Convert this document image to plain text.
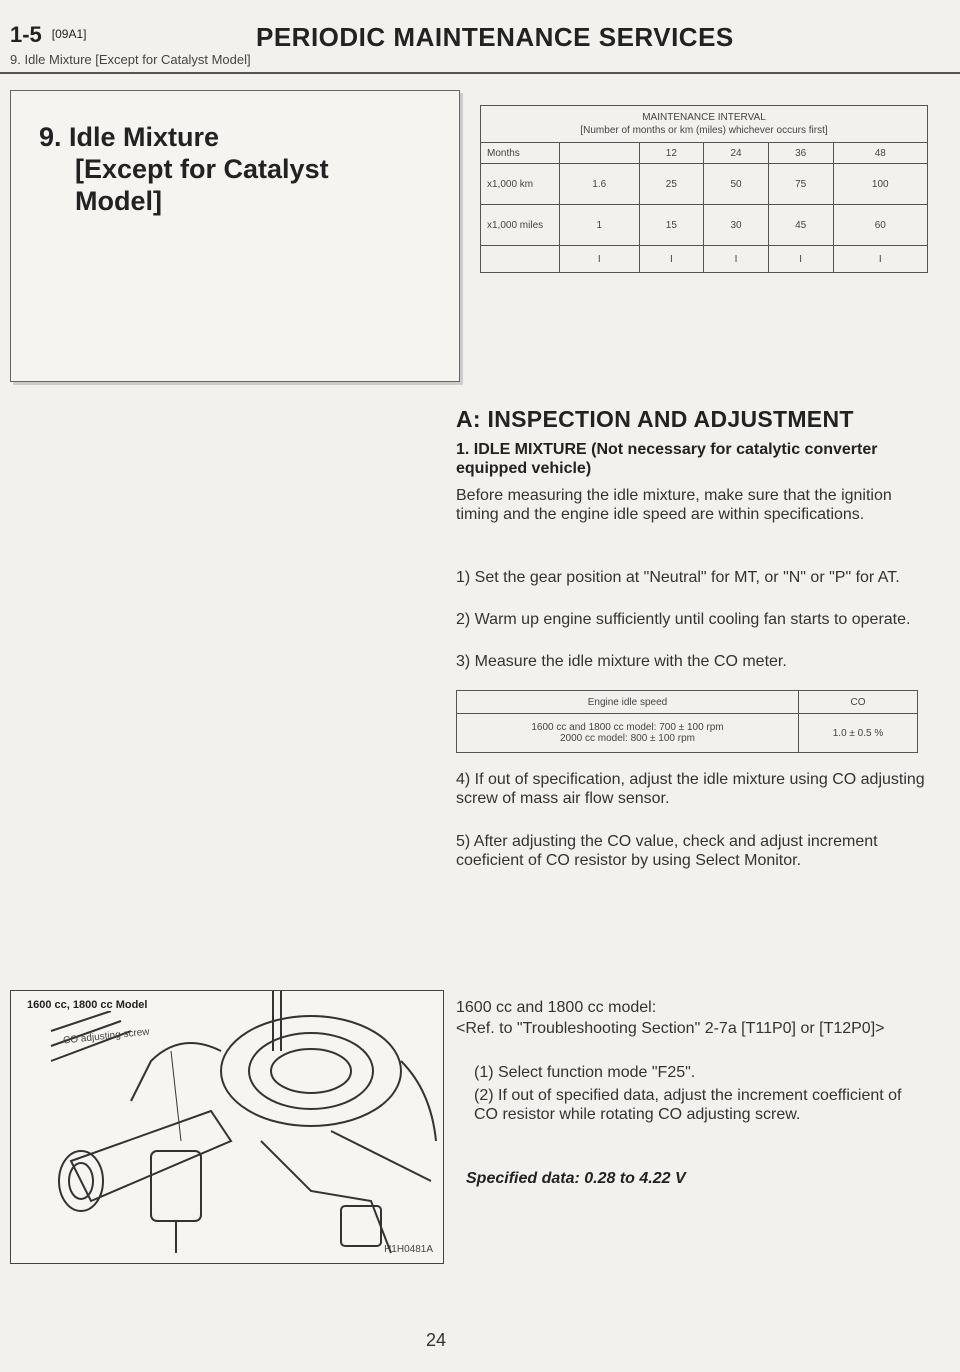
1-5 [09A1]	PERIODIC MAINTENANCE SERVICES
9. Idle Mixture [Except for Catalyst Model]
9. Idle Mixture
[Except for Catalyst
Model]
MAINTENANCE INTERVAL
[Number of months or km (miles) whichever occurs first]					

Months		12	24	36	48
x1,000 km	1.6	25	50	75	100
x1,000 miles	1	15	30	45	60
	I	I	I	I	I
A: INSPECTION AND ADJUSTMENT
1. IDLE MIXTURE (Not necessary for catalytic converter equipped vehicle)
Before measuring the idle mixture, make sure that the ignition timing and the engine idle speed are within specifications.
1) Set the gear position at "Neutral" for MT, or "N" or "P" for AT.
2) Warm up engine sufficiently until cooling fan starts to operate.
3) Measure the idle mixture with the CO meter.
Engine idle speed	CO

1600 cc and 1800 cc model: 700 ± 100 rpm
2000 cc model: 800 ± 100 rpm	1.0 ± 0.5 %
4) If out of specification, adjust the idle mixture using CO adjusting screw of mass air flow sensor.
5) After adjusting the CO value, check and adjust increment coeficient of CO resistor by using Select Monitor.
1600 cc and 1800 cc model:
<Ref. to "Troubleshooting Section" 2-7a [T11P0] or [T12P0]>
(1) Select function mode "F25".
(2) If out of specified data, adjust the increment coefficient of CO resistor while rotating CO adjusting screw.
Specified data: 0.28 to 4.22 V
1600 cc, 1800 cc Model
CO adjusting screw
H1H0481A
24
